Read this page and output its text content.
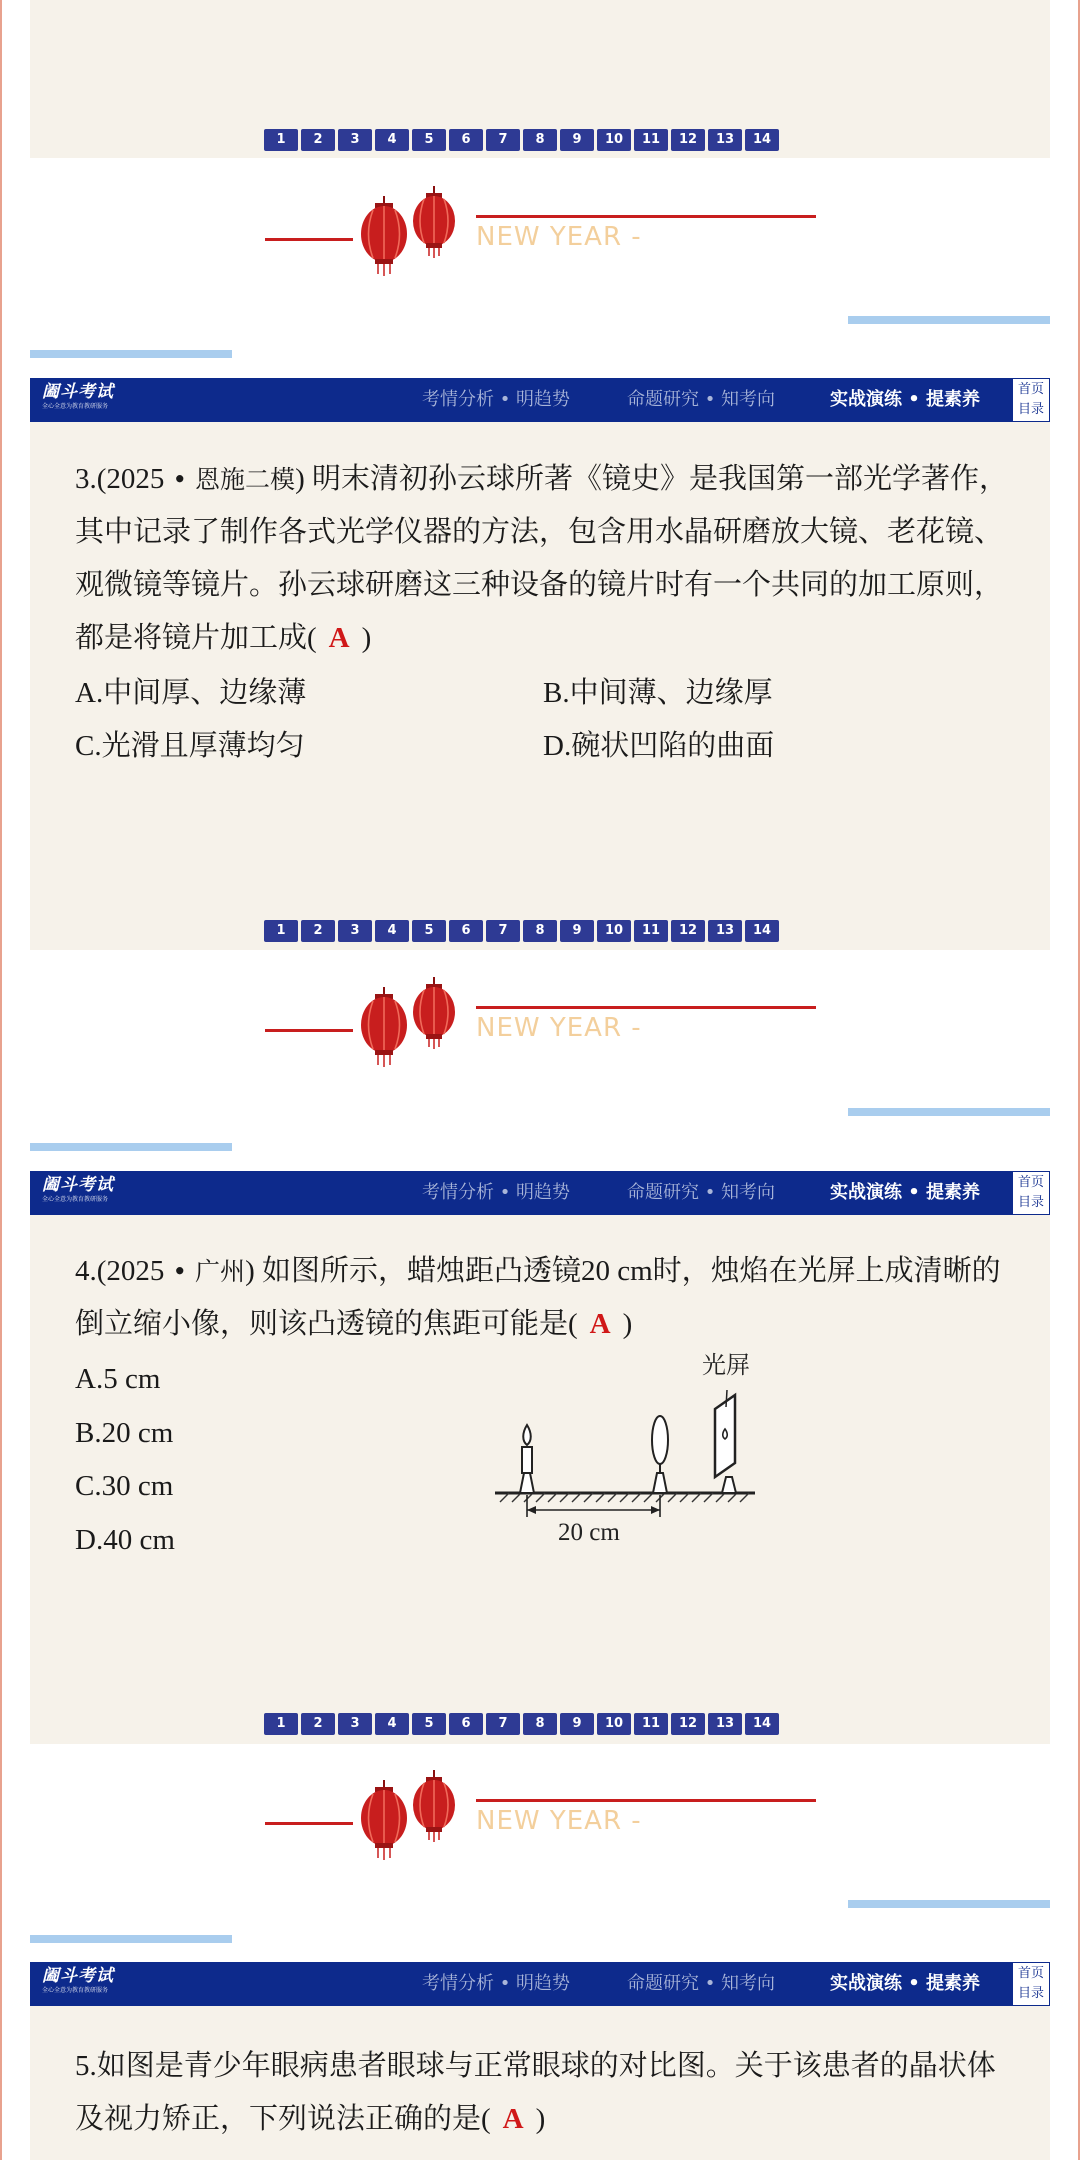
1	2	3	4	5	6	7	8	9	10	11	12	13	14
NEW YEAR -
阖斗考试
全心全意为教育教研服务	考情分析 • 明趋势	命题研究 • 知考向	实战演练 • 提素养	首页
目录
3.(2025 • 恩施二模) 明末清初孙云球所著《镜史》是我国第一部光学著作，其中记录了制作各式光学仪器的方法，包含用水晶研磨放大镜、老花镜、观微镜等镜片。孙云球研磨这三种设备的镜片时有一个共同的加工原则，都是将镜片加工成( A )
A.中间厚、边缘薄	B.中间薄、边缘厚
C.光滑且厚薄均匀	D.碗状凹陷的曲面
1	2	3	4	5	6	7	8	9	10	11	12	13	14
NEW YEAR -
阖斗考试
全心全意为教育教研服务	考情分析 • 明趋势	命题研究 • 知考向	实战演练 • 提素养	首页
目录
4.(2025 • 广州) 如图所示，蜡烛距凸透镜20 cm时，烛焰在光屏上成清晰的倒立缩小像，则该凸透镜的焦距可能是( A )
A.5 cm
B.20 cm
C.30 cm
D.40 cm
光屏
20 cm
1	2	3	4	5	6	7	8	9	10	11	12	13	14
NEW YEAR -
阖斗考试
全心全意为教育教研服务	考情分析 • 明趋势	命题研究 • 知考向	实战演练 • 提素养	首页
目录
5.如图是青少年眼病患者眼球与正常眼球的对比图。关于该患者的晶状体及视力矫正，下列说法正确的是( A )
